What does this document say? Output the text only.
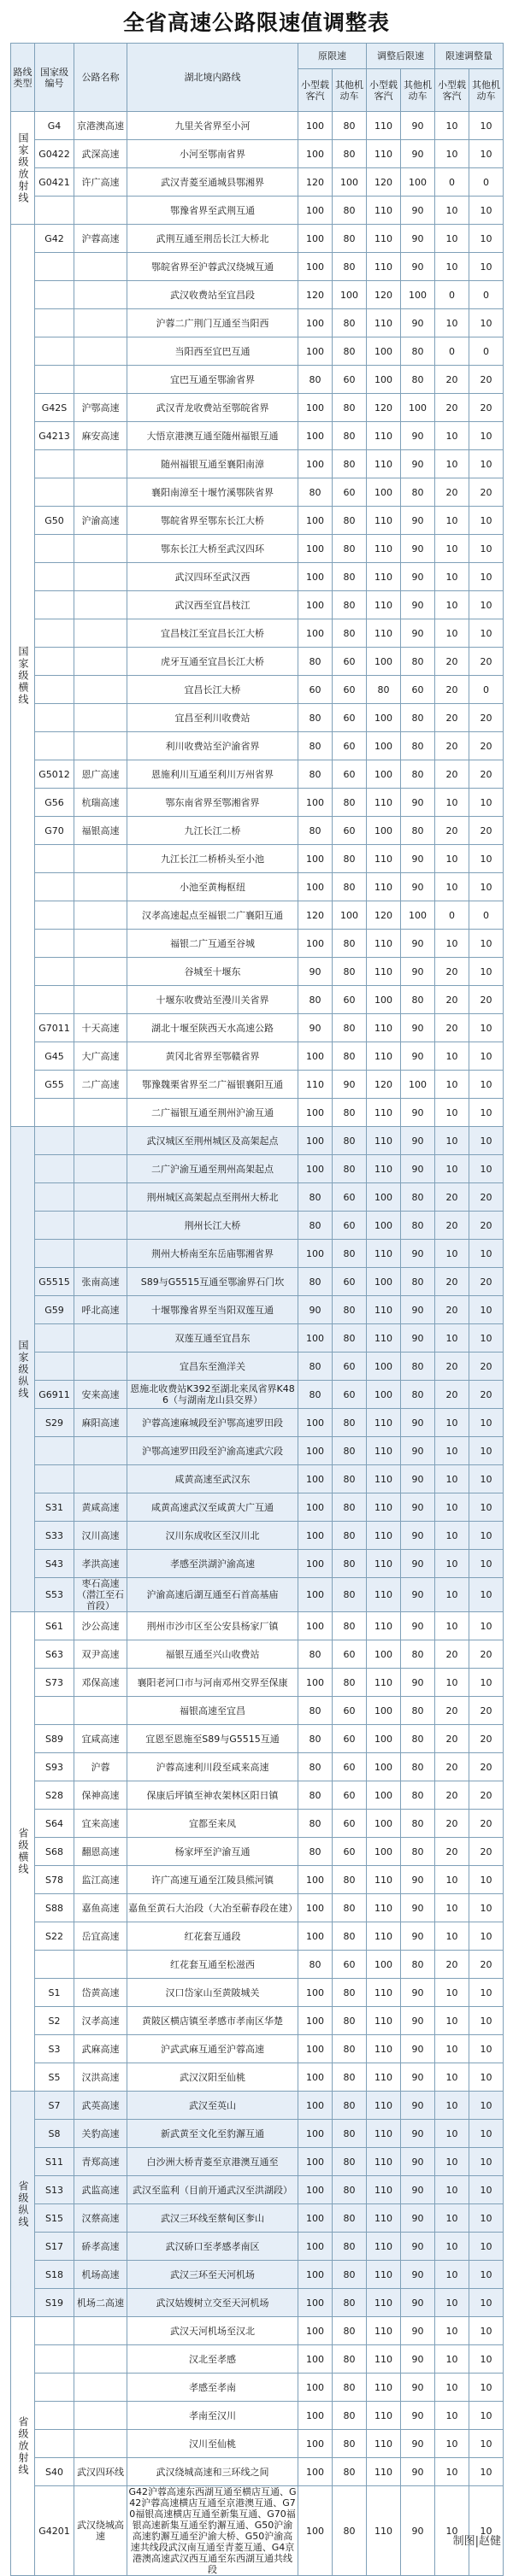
全省高速公路限速值调整表
路线类型	国家级编号	公路名称	湖北境内路线	原限速		调整后限速		限速调整量	
				小型载客汽	其他机动车	小型载客汽	其他机动车	小型载客汽	其他机动车
国家级放射线	G4	京港澳高速	九里关省界至小河	100	80	110	90	10	10
	G0422	武深高速	小河至鄂南省界	100	80	110	90	10	10
	G0421	许广高速	武汉青菱至通城县鄂湘界	120	100	120	100	0	0
			鄂豫省界至武荆互通	100	80	110	90	10	10
国家级横线	G42	沪蓉高速	武荆互通至荆岳长江大桥北	100	80	110	90	10	10
			鄂皖省界至沪蓉武汉绕城互通	100	80	110	90	10	10
			武汉收费站至宜昌段	120	100	120	100	0	0
			沪蓉二广荆门互通至当阳西	100	80	110	90	10	10
			当阳西至宜巴互通	100	80	100	80	0	0
			宜巴互通至鄂渝省界	80	60	100	80	20	20
	G42S	沪鄂高速	武汉青龙收费站至鄂皖省界	100	80	120	100	20	20
	G4213	麻安高速	大悟京港澳互通至随州福银互通	100	80	110	90	10	10
			随州福银互通至襄阳南漳	100	80	110	90	10	10
			襄阳南漳至十堰竹溪鄂陕省界	80	60	100	80	20	20
	G50	沪渝高速	鄂皖省界至鄂东长江大桥	100	80	110	90	10	10
			鄂东长江大桥至武汉四环	100	80	110	90	10	10
			武汉四环至武汉西	100	80	110	90	10	10
			武汉西至宜昌枝江	100	80	110	90	10	10
			宜昌枝江至宜昌长江大桥	100	80	110	90	10	10
			虎牙互通至宜昌长江大桥	80	60	100	80	20	20
			宜昌长江大桥	60	60	80	60	20	0
			宜昌至利川收费站	80	60	100	80	20	20
			利川收费站至沪渝省界	80	60	100	80	20	20
	G5012	恩广高速	恩施利川互通至利川万州省界	80	60	100	80	20	20
	G56	杭瑞高速	鄂东南省界至鄂湘省界	100	80	110	90	10	10
	G70	福银高速	九江长江二桥	80	60	100	80	20	20
			九江长江二桥桥头至小池	100	80	110	90	10	10
			小池至黄梅枢纽	100	80	110	90	10	10
			汉孝高速起点至福银二广襄阳互通	120	100	120	100	0	0
			福银二广互通至谷城	100	80	110	90	10	10
			谷城至十堰东	90	80	110	90	20	10
			十堰东收费站至漫川关省界	80	60	100	80	20	20
	G7011	十天高速	湖北十堰至陕西天水高速公路	90	80	110	90	20	10
	G45	大广高速	黄冈北省界至鄂赣省界	100	80	110	90	10	10
	G55	二广高速	鄂豫魏栗省界至二广福银襄阳互通	110	90	120	100	10	10
			二广福银互通至荆州沪渝互通	100	80	110	90	10	10
国家级纵线			武汉城区至荆州城区及高架起点	100	80	110	90	10	10
			二广沪渝互通至荆州高架起点	100	80	110	90	10	10
			荆州城区高架起点至荆州大桥北	80	60	100	80	20	20
			荆州长江大桥	80	60	100	80	20	20
			荆州大桥南至东岳庙鄂湘省界	100	80	110	90	10	10
	G5515	张南高速	S89与G5515互通至鄂渝界石门坎	80	60	100	80	20	20
	G59	呼北高速	十堰鄂豫省界至当阳双莲互通	90	80	110	90	20	10
			双莲互通至宜昌东	100	80	110	90	10	10
			宜昌东至渔洋关	80	60	100	80	20	20
	G6911	安来高速	恩施北收费站K392至湖北来凤省界K486（与湖南龙山县交界）	80	60	100	80	20	20
	S29	麻阳高速	沪蓉高速麻城段至沪鄂高速罗田段	100	80	110	90	10	10
			沪鄂高速罗田段至沪渝高速武穴段	100	80	110	90	10	10
			咸黄高速至武汉东	100	80	110	90	10	10
	S31	黄咸高速	咸黄高速武汉至咸黄大广互通	100	80	110	90	10	10
	S33	汉川高速	汉川东成收区至汉川北	100	80	110	90	10	10
	S43	孝洪高速	孝感至洪湖沪渝高速	100	80	110	90	10	10
	S53	枣石高速（潜江至石首段）	沪渝高速后湖互通至石首高基庙	100	80	110	90	10	10
省级横线	S61	沙公高速	荆州市沙市区至公安县杨家厂镇	100	80	110	90	10	10
	S63	双尹高速	福银互通至兴山收费站	80	60	100	80	20	20
	S73	邓保高速	襄阳老河口市与河南邓州交界至保康	100	80	110	90	10	10
			福银高速至宜昌	80	60	100	80	20	20
	S89	宜咸高速	宜恩至恩施至S89与G5515互通	80	60	100	80	20	20
	S93	沪蓉	沪蓉高速利川段至咸来高速	80	60	100	80	20	20
	S28	保神高速	保康后坪镇至神农架林区阳日镇	80	60	100	80	20	20
	S64	宜来高速	宜都至来凤	80	60	100	80	20	20
	S68	翻恩高速	杨家坪至沪渝互通	80	60	100	80	20	20
	S78	监江高速	许广高速互通至江陵县熊河镇	100	80	110	90	10	10
	S88	嘉鱼高速	嘉鱼至黄石大治段（大冶至蕲春段在建）	100	80	110	90	10	10
	S22	岳宜高速	红花套互通段	100	80	110	90	10	10
			红花套互通至松滋西	80	60	100	80	20	20
	S1	岱黄高速	汉口岱家山至黄陂城关	100	80	110	90	10	10
	S2	汉孝高速	黄陂区横店镇至孝感市孝南区华楚	100	80	110	90	10	10
	S3	武麻高速	沪武武麻互通至沪蓉高速	100	80	110	90	10	10
	S5	汉洪高速	武汉汉阳至仙桃	100	80	110	90	10	10
省级纵线	S7	武英高速	武汉至英山	100	80	110	90	10	10
	S8	关豹高速	新武黄至文化至豹澥互通	100	80	110	90	10	10
	S11	青郑高速	白沙洲大桥青菱至京港澳互通至	100	80	110	90	10	10
	S13	武监高速	武汉至监利（目前开通武汉至洪湖段）	100	80	110	90	10	10
	S15	汉蔡高速	武汉三环线至蔡甸区奓山	100	80	110	90	10	10
	S17	硚孝高速	武汉硚口至孝感孝南区	100	80	110	90	10	10
	S18	机场高速	武汉三环至天河机场	100	80	110	90	10	10
	S19	机场二高速	武汉姑嫂树立交至天河机场	100	80	110	90	10	10
省级放射线			武汉天河机场至汉北	100	80	110	90	10	10
			汉北至孝感	100	80	110	90	10	10
			孝感至孝南	100	80	110	90	10	10
			孝南至汉川	100	80	110	90	10	10
			汉川至仙桃	100	80	110	90	10	10
	S40	武汉四环线	武汉绕城高速和三环线之间	100	80	110	90	10	10
	G4201	武汉绕城高速	G42沪蓉高速东西湖互通至横店互通、G42沪蓉高速横店互通至京港澳互通、G70福银高速横店互通至新集互通、G70福银高速新集互通至豹澥互通、G50沪渝高速豹澥互通至沪渝大桥、G50沪渝高速共线段武汉南互通至青菱互通、G4京港澳高速武汉西互通至东西湖互通共线段	100	80	110	90	10	10
制图|赵健
